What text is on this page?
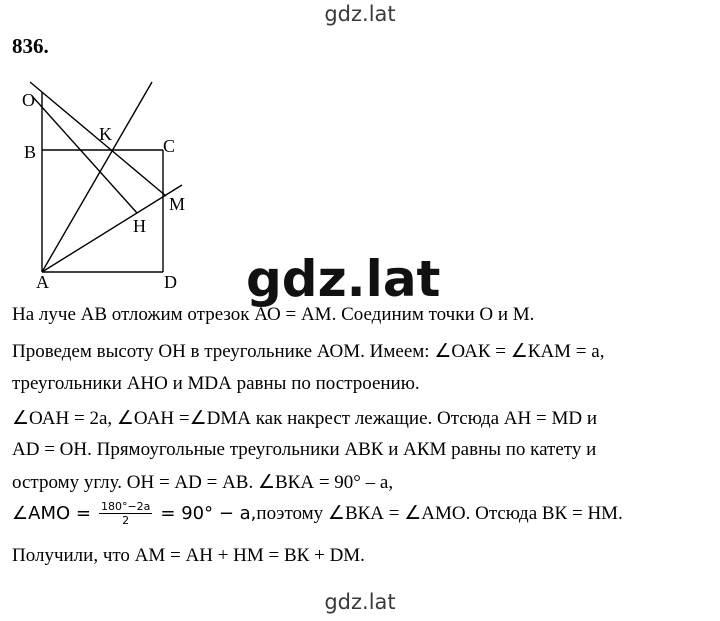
gdz.lat
836.
O
B
K
C
M
H
A	D gdz.lat
На луче АВ отложим отрезок АО = АМ. Соединим точки О и М.
Проведем высоту ОН в треугольнике АОМ. Имеем: ∠ОАК = ∠КАМ = а,
треугольники АНО и МDА равны по построению.
∠ОАН = 2а, ∠ОАН =∠DМА как накрест лежащие. Отсюда АН = МD и
АD = ОН. Прямоугольные треугольники АВК и АКМ равны по катету и
острому углу. ОН = АD = АВ. ∠ВКА = 90° – а,
∠AMO = $\frac{180^\circ-2a}{2} = 90^\circ - a$, поэтому ∠ВКА = ∠АМО. Отсюда ВК = НМ.
Получили, что АМ = АН + НМ = ВК + DМ.
gdz.lat
